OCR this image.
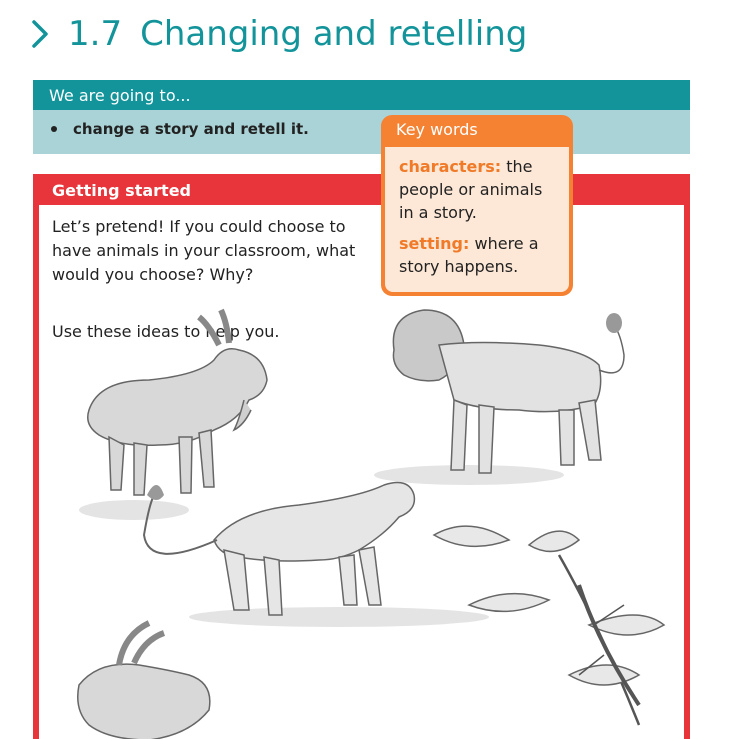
1.7 Changing and retelling
We are going to...
change a story and retell it.
Getting started

Let’s pretend! If you could choose to have animals in your classroom, what would you choose? Why?

Use these ideas to help you.

Key words

characters: the people or animals in a story.

setting: where a story happens.
